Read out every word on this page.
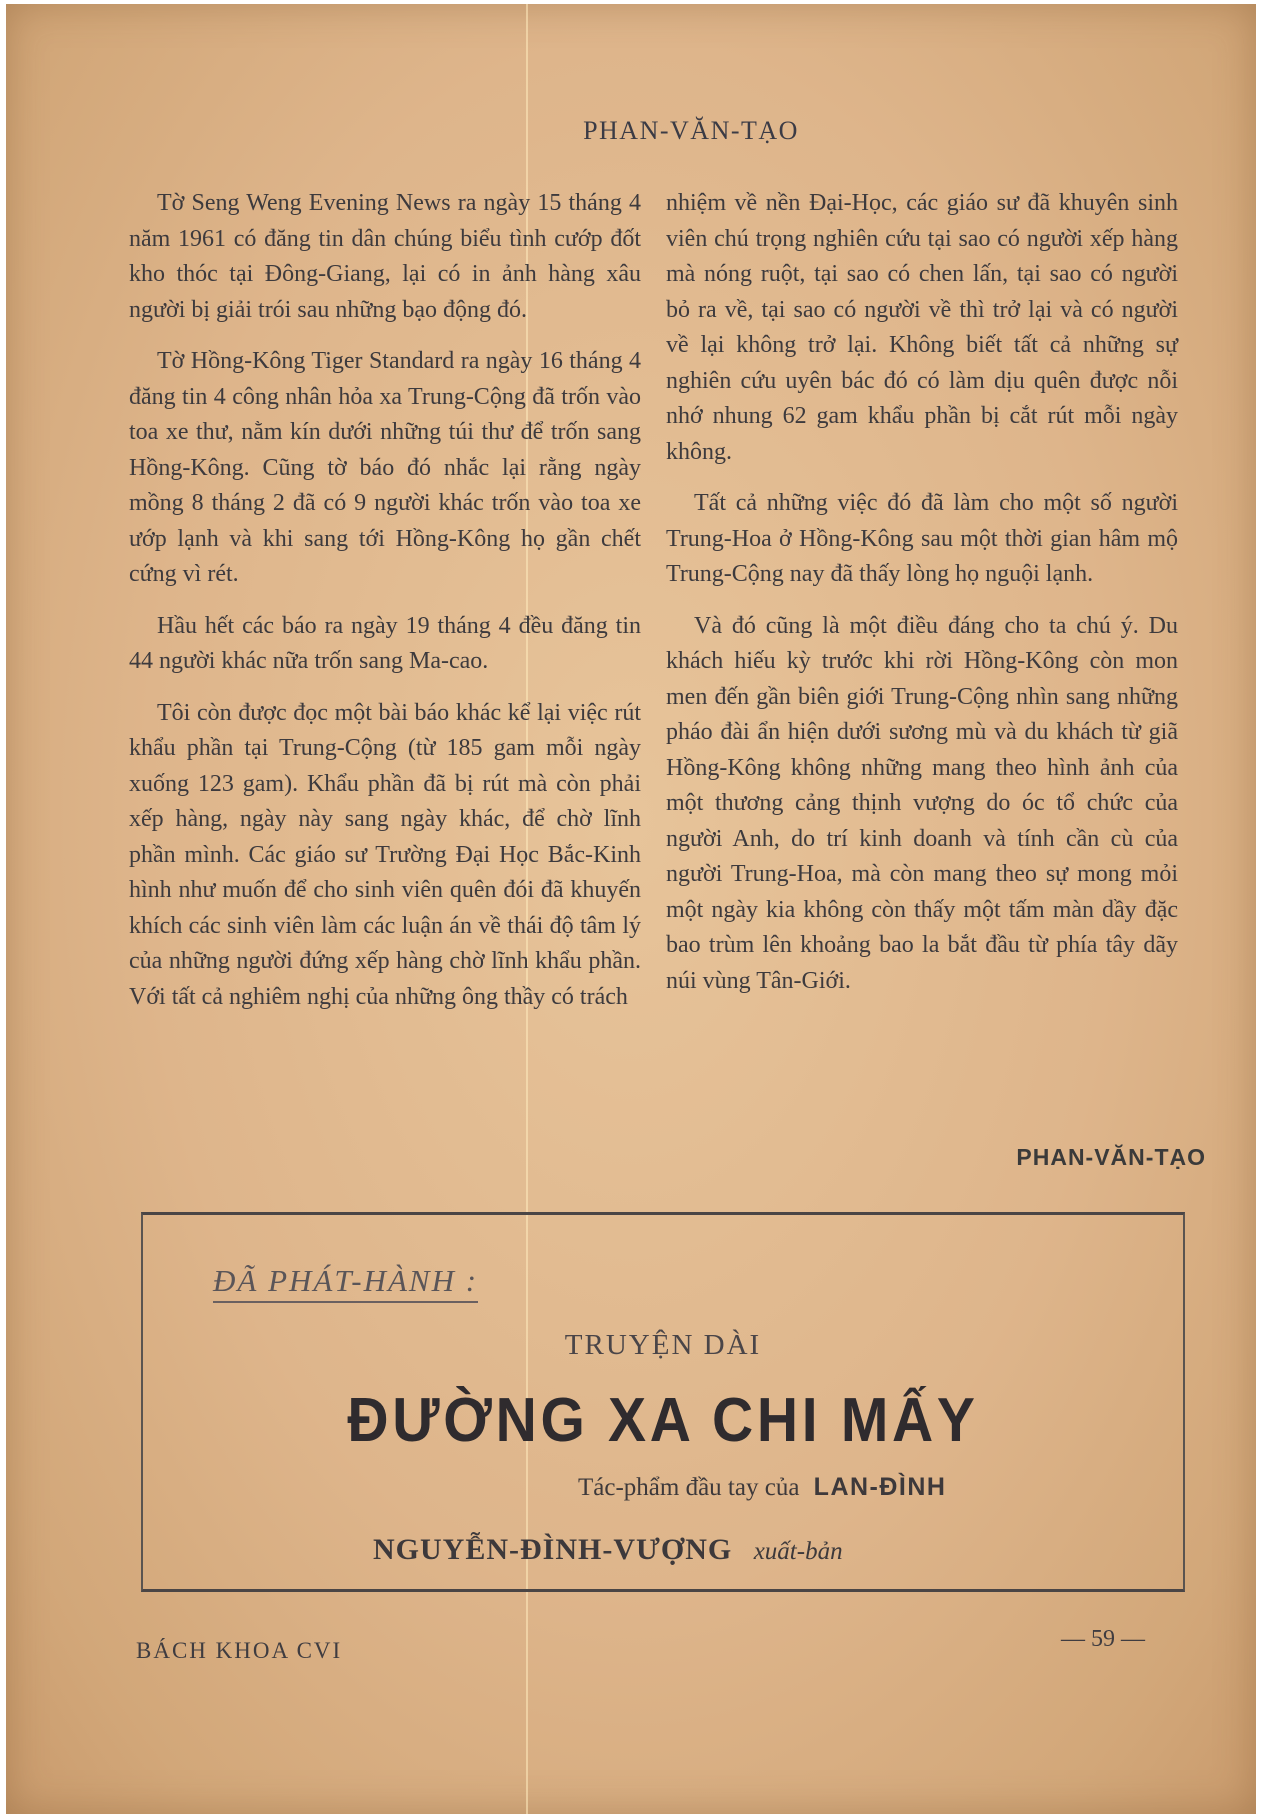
PHAN-VĂN-TẠO

Tờ Seng Weng Evening News ra ngày 15 tháng 4 năm 1961 có đăng tin dân chúng biểu tình cướp đốt kho thóc tại Đông-Giang, lại có in ảnh hàng xâu người bị giải trói sau những bạo động đó.

Tờ Hồng-Kông Tiger Standard ra ngày 16 tháng 4 đăng tin 4 công nhân hỏa xa Trung-Cộng đã trốn vào toa xe thư, nằm kín dưới những túi thư để trốn sang Hồng-Kông. Cũng tờ báo đó nhắc lại rằng ngày mồng 8 tháng 2 đã có 9 người khác trốn vào toa xe ướp lạnh và khi sang tới Hồng-Kông họ gần chết cứng vì rét.

Hầu hết các báo ra ngày 19 tháng 4 đều đăng tin 44 người khác nữa trốn sang Ma-cao.

Tôi còn được đọc một bài báo khác kể lại việc rút khẩu phần tại Trung-Cộng (từ 185 gam mỗi ngày xuống 123 gam). Khẩu phần đã bị rút mà còn phải xếp hàng, ngày này sang ngày khác, để chờ lĩnh phần mình. Các giáo sư Trường Đại Học Bắc-Kinh hình như muốn để cho sinh viên quên đói đã khuyến khích các sinh viên làm các luận án về thái độ tâm lý của những người đứng xếp hàng chờ lĩnh khẩu phần. Với tất cả nghiêm nghị của những ông thầy có trách

nhiệm về nền Đại-Học, các giáo sư đã khuyên sinh viên chú trọng nghiên cứu tại sao có người xếp hàng mà nóng ruột, tại sao có chen lấn, tại sao có người bỏ ra về, tại sao có người về thì trở lại và có người về lại không trở lại. Không biết tất cả những sự nghiên cứu uyên bác đó có làm dịu quên được nỗi nhớ nhung 62 gam khẩu phần bị cắt rút mỗi ngày không.

Tất cả những việc đó đã làm cho một số người Trung-Hoa ở Hồng-Kông sau một thời gian hâm mộ Trung-Cộng nay đã thấy lòng họ nguội lạnh.

Và đó cũng là một điều đáng cho ta chú ý. Du khách hiếu kỳ trước khi rời Hồng-Kông còn mon men đến gần biên giới Trung-Cộng nhìn sang những pháo đài ẩn hiện dưới sương mù và du khách từ giã Hồng-Kông không những mang theo hình ảnh của một thương cảng thịnh vượng do óc tổ chức của người Anh, do trí kinh doanh và tính cần cù của người Trung-Hoa, mà còn mang theo sự mong mỏi một ngày kia không còn thấy một tấm màn dầy đặc bao trùm lên khoảng bao la bắt đầu từ phía tây dãy núi vùng Tân-Giới.

PHAN-VĂN-TẠO
ĐÃ PHÁT-HÀNH :
TRUYỆN DÀI
ĐƯỜNG XA CHI MẤY
Tác-phẩm đầu tay của LAN-ĐÌNH
NGUYỄN-ĐÌNH-VƯỢNG xuất-bản
BÁCH KHOA CVI	— 59 —
